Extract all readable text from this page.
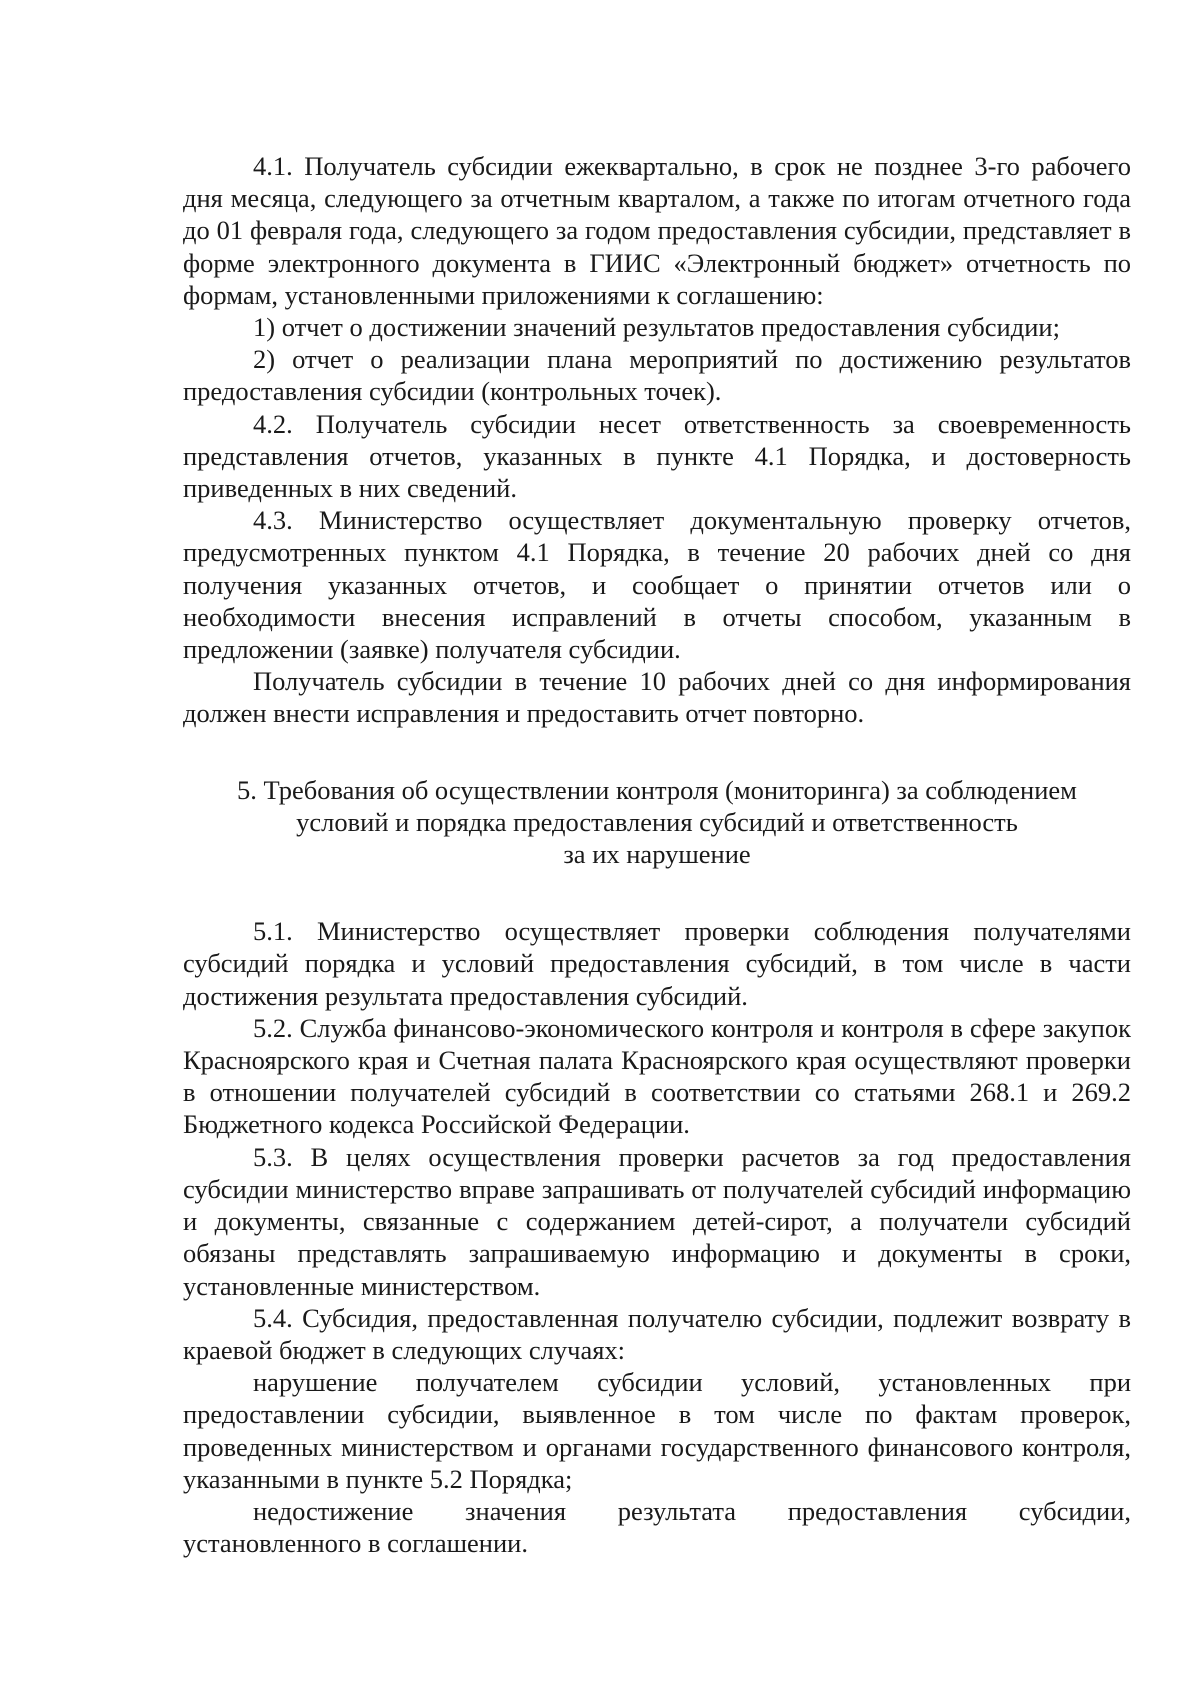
4.1. Получатель субсидии ежеквартально, в срок не позднее 3-го рабочего дня месяца, следующего за отчетным кварталом, а также по итогам отчетного года до 01 февраля года, следующего за годом предоставления субсидии, представляет в форме электронного документа в ГИИС «Электронный бюджет» отчетность по формам, установленными приложениями к соглашению:

1) отчет о достижении значений результатов предоставления субсидии;

2) отчет о реализации плана мероприятий по достижению результатов предоставления субсидии (контрольных точек).

4.2. Получатель субсидии несет ответственность за своевременность представления отчетов, указанных в пункте 4.1 Порядка, и достоверность приведенных в них сведений.

4.3. Министерство осуществляет документальную проверку отчетов, предусмотренных пунктом 4.1 Порядка, в течение 20 рабочих дней со дня получения указанных отчетов, и сообщает о принятии отчетов или о необходимости внесения исправлений в отчеты способом, указанным в предложении (заявке) получателя субсидии.

Получатель субсидии в течение 10 рабочих дней со дня информирования должен внести исправления и предоставить отчет повторно.

5. Требования об осуществлении контроля (мониторинга) за соблюдением
условий и порядка предоставления субсидий и ответственность
за их нарушение

5.1. Министерство осуществляет проверки соблюдения получателями субсидий порядка и условий предоставления субсидий, в том числе в части достижения результата предоставления субсидий.

5.2. Служба финансово-экономического контроля и контроля в сфере закупок Красноярского края и Счетная палата Красноярского края осуществляют проверки в отношении получателей субсидий в соответствии со статьями 268.1 и 269.2 Бюджетного кодекса Российской Федерации.

5.3. В целях осуществления проверки расчетов за год предоставления субсидии министерство вправе запрашивать от получателей субсидий информацию и документы, связанные с содержанием детей-сирот, а получатели субсидий обязаны представлять запрашиваемую информацию и документы в сроки, установленные министерством.

5.4. Субсидия, предоставленная получателю субсидии, подлежит возврату в краевой бюджет в следующих случаях:

нарушение получателем субсидии условий, установленных при предоставлении субсидии, выявленное в том числе по фактам проверок, проведенных министерством и органами государственного финансового контроля, указанными в пункте 5.2 Порядка;

недостижение значения результата предоставления субсидии, установленного в соглашении.
